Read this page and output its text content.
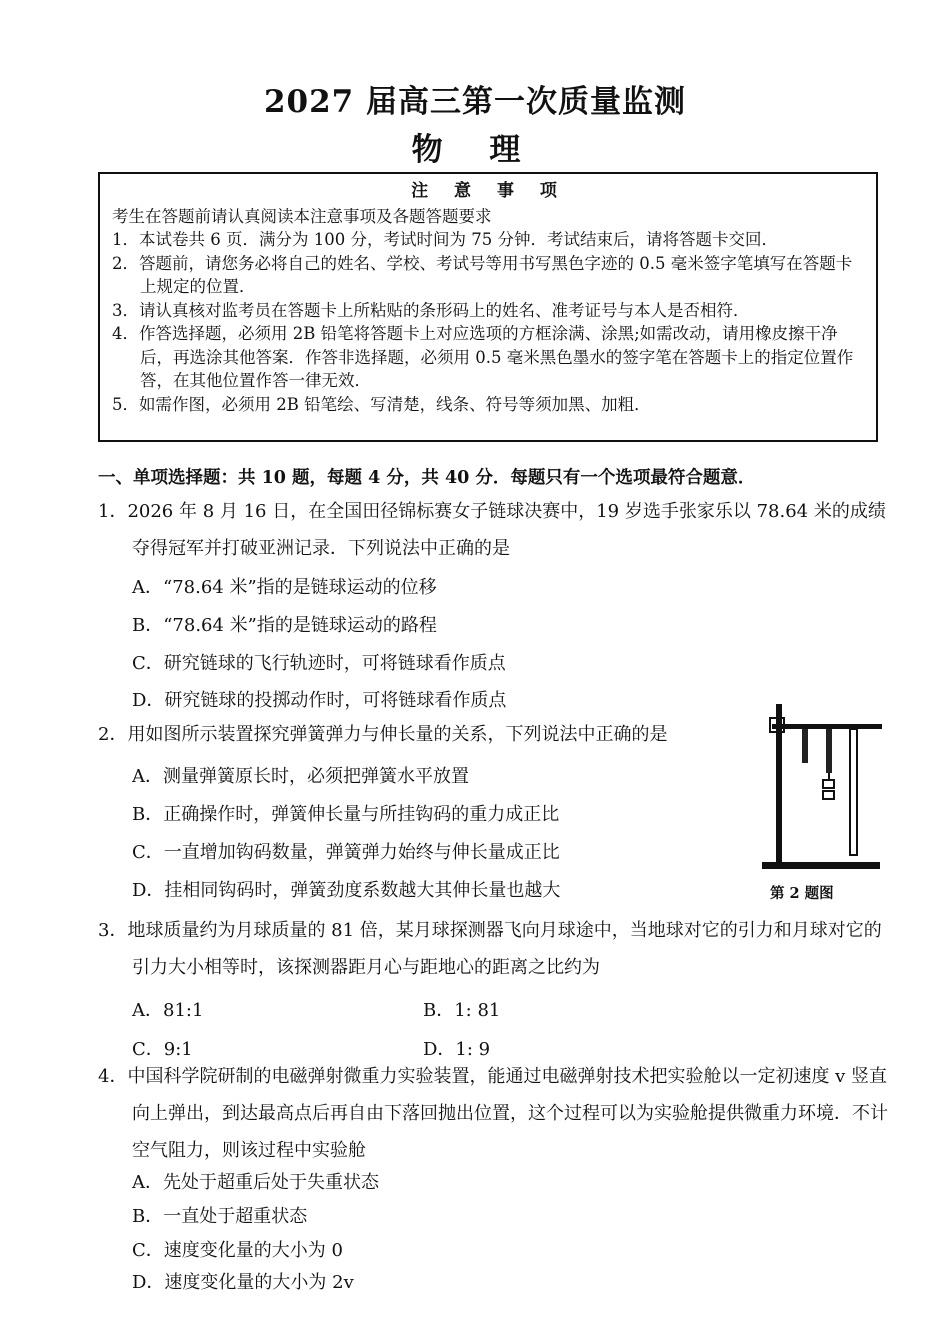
2027 届高三第一次质量监测
物 理
注 意 事 项
考生在答题前请认真阅读本注意事项及各题答题要求
1．本试卷共 6 页．满分为 100 分，考试时间为 75 分钟．考试结束后，请将答题卡交回．
2．答题前，请您务必将自己的姓名、学校、考试号等用书写黑色字迹的 0.5 毫米签字笔填写在答题卡上规定的位置．
3．请认真核对监考员在答题卡上所粘贴的条形码上的姓名、准考证号与本人是否相符．
4．作答选择题，必须用 2B 铅笔将答题卡上对应选项的方框涂满、涂黑;如需改动，请用橡皮擦干净后，再选涂其他答案．作答非选择题，必须用 0.5 毫米黑色墨水的签字笔在答题卡上的指定位置作答，在其他位置作答一律无效．
5．如需作图，必须用 2B 铅笔绘、写清楚，线条、符号等须加黑、加粗．
一、单项选择题：共 10 题，每题 4 分，共 40 分．每题只有一个选项最符合题意．
1．2026 年 8 月 16 日，在全国田径锦标赛女子链球决赛中，19 岁选手张家乐以 78.64 米的成绩夺得冠军并打破亚洲记录．下列说法中正确的是
A．“78.64 米”指的是链球运动的位移
B．“78.64 米”指的是链球运动的路程
C．研究链球的飞行轨迹时，可将链球看作质点
D．研究链球的投掷动作时，可将链球看作质点
2．用如图所示装置探究弹簧弹力与伸长量的关系，下列说法中正确的是
A．测量弹簧原长时，必须把弹簧水平放置
B．正确操作时，弹簧伸长量与所挂钩码的重力成正比
C．一直增加钩码数量，弹簧弹力始终与伸长量成正比
D．挂相同钩码时，弹簧劲度系数越大其伸长量也越大	第 2 题图
3．地球质量约为月球质量的 81 倍，某月球探测器飞向月球途中，当地球对它的引力和月球对它的引力大小相等时，该探测器距月心与距地心的距离之比约为
A．81:1	B．1: 81
C．9:1	D．1: 9
4．中国科学院研制的电磁弹射微重力实验装置，能通过电磁弹射技术把实验舱以一定初速度 v 竖直向上弹出，到达最高点后再自由下落回抛出位置，这个过程可以为实验舱提供微重力环境．不计空气阻力，则该过程中实验舱
A．先处于超重后处于失重状态
B．一直处于超重状态
C．速度变化量的大小为 0
D．速度变化量的大小为 2v
